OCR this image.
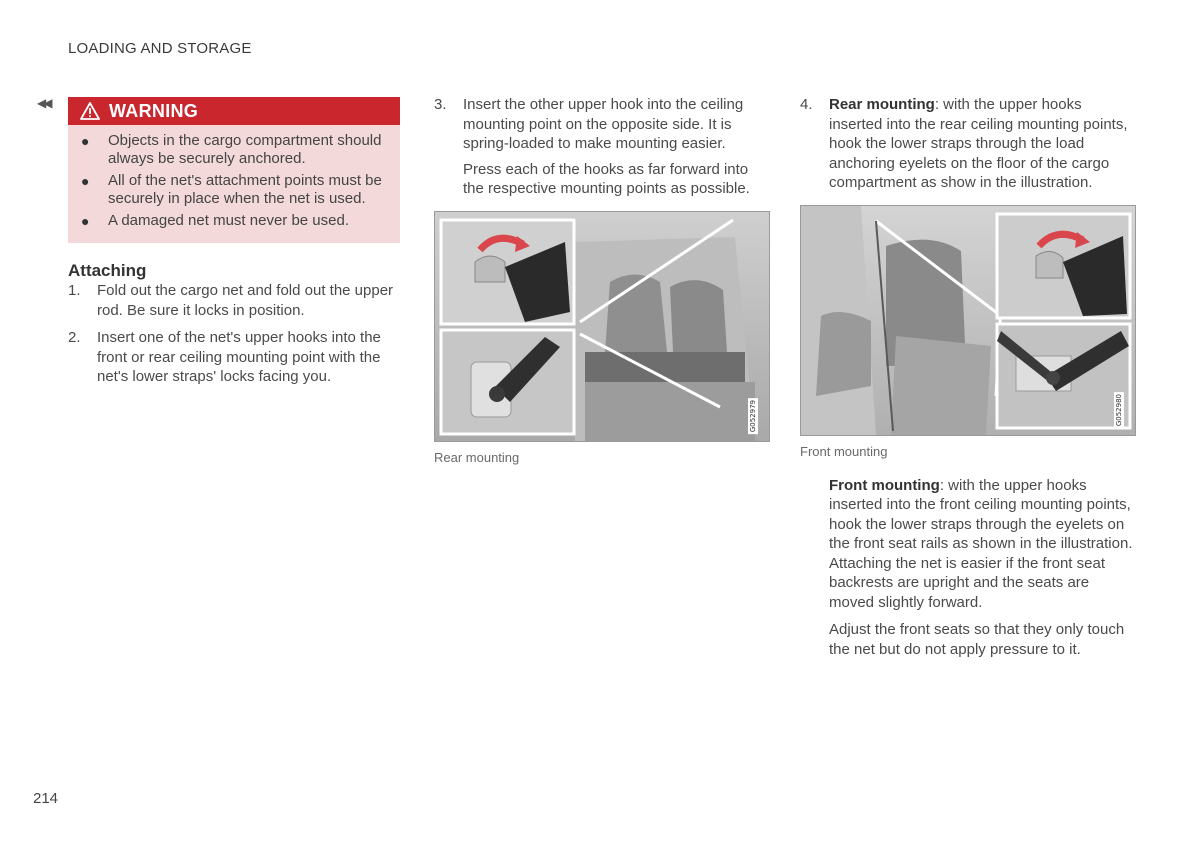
LOADING AND STORAGE
◀◀	WARNING
● Objects in the cargo compartment should always be securely anchored.
● All of the net's attachment points must be securely in place when the net is used.
● A damaged net must never be used.
Attaching
1. Fold out the cargo net and fold out the upper rod. Be sure it locks in position.
2. Insert one of the net's upper hooks into the front or rear ceiling mounting point with the net's lower straps' locks facing you.
3. Insert the other upper hook into the ceiling mounting point on the opposite side. It is spring-loaded to make mounting easier.

Press each of the hooks as far forward into the respective mounting points as possible.

G052979
Rear mounting
4. Rear mounting: with the upper hooks inserted into the rear ceiling mounting points, hook the lower straps through the load anchoring eyelets on the floor of the cargo compartment as show in the illustration.
G052980
Front mounting

Front mounting: with the upper hooks inserted into the front ceiling mounting points, hook the lower straps through the eyelets on the front seat rails as shown in the illustration. Attaching the net is easier if the front seat backrests are upright and the seats are moved slightly forward.

Adjust the front seats so that they only touch the net but do not apply pressure to it.

214
